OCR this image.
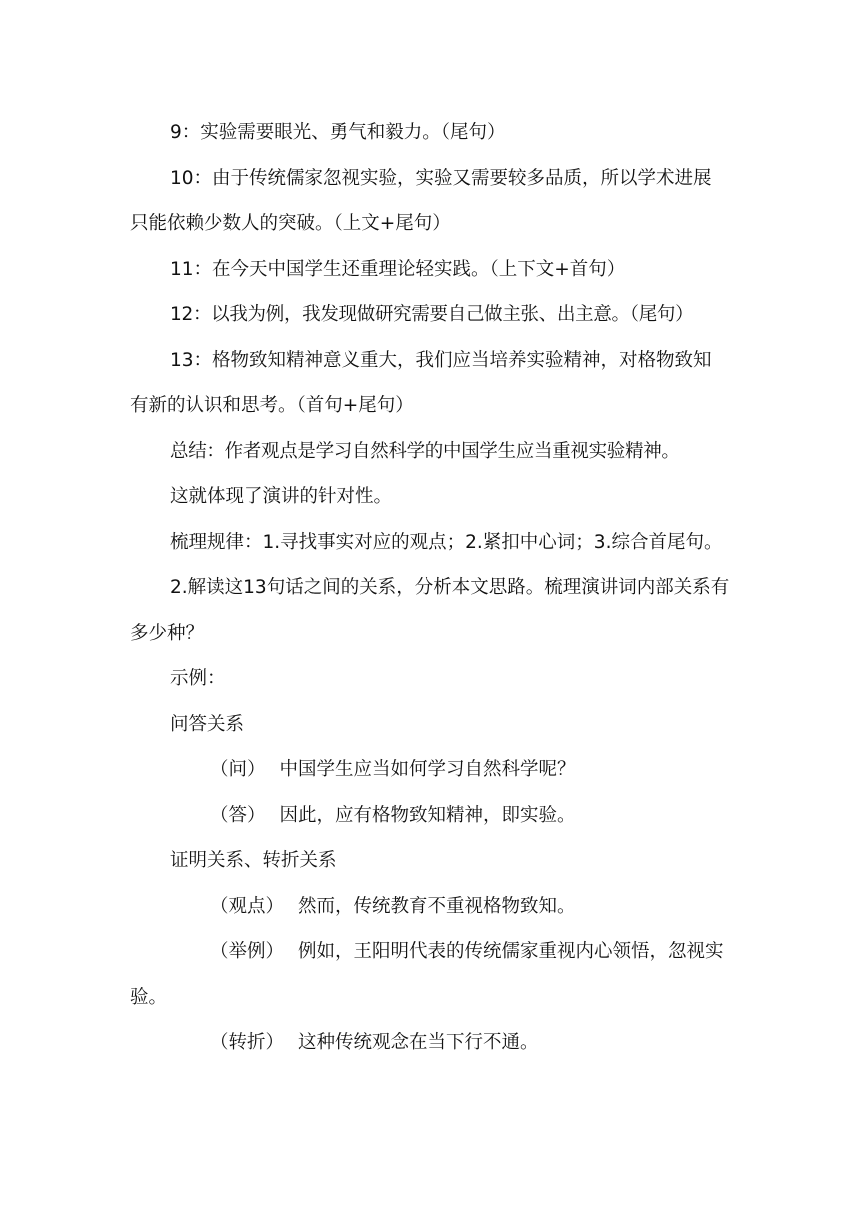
9：实验需要眼光、勇气和毅力。（尾句）

10：由于传统儒家忽视实验，实验又需要较多品质，所以学术进展只能依赖少数人的突破。（上文+尾句）

11：在今天中国学生还重理论轻实践。（上下文+首句）

12：以我为例，我发现做研究需要自己做主张、出主意。（尾句）

13：格物致知精神意义重大，我们应当培养实验精神，对格物致知有新的认识和思考。（首句+尾句）

总结：作者观点是学习自然科学的中国学生应当重视实验精神。

这就体现了演讲的针对性。

梳理规律：1.寻找事实对应的观点；2.紧扣中心词；3.综合首尾句。

2.解读这13句话之间的关系，分析本文思路。梳理演讲词内部关系有多少种？

示例：

问答关系

（问） 中国学生应当如何学习自然科学呢？

（答） 因此，应有格物致知精神，即实验。

证明关系、转折关系

（观点） 然而，传统教育不重视格物致知。

（举例） 例如，王阳明代表的传统儒家重视内心领悟，忽视实验。

（转折） 这种传统观念在当下行不通。
